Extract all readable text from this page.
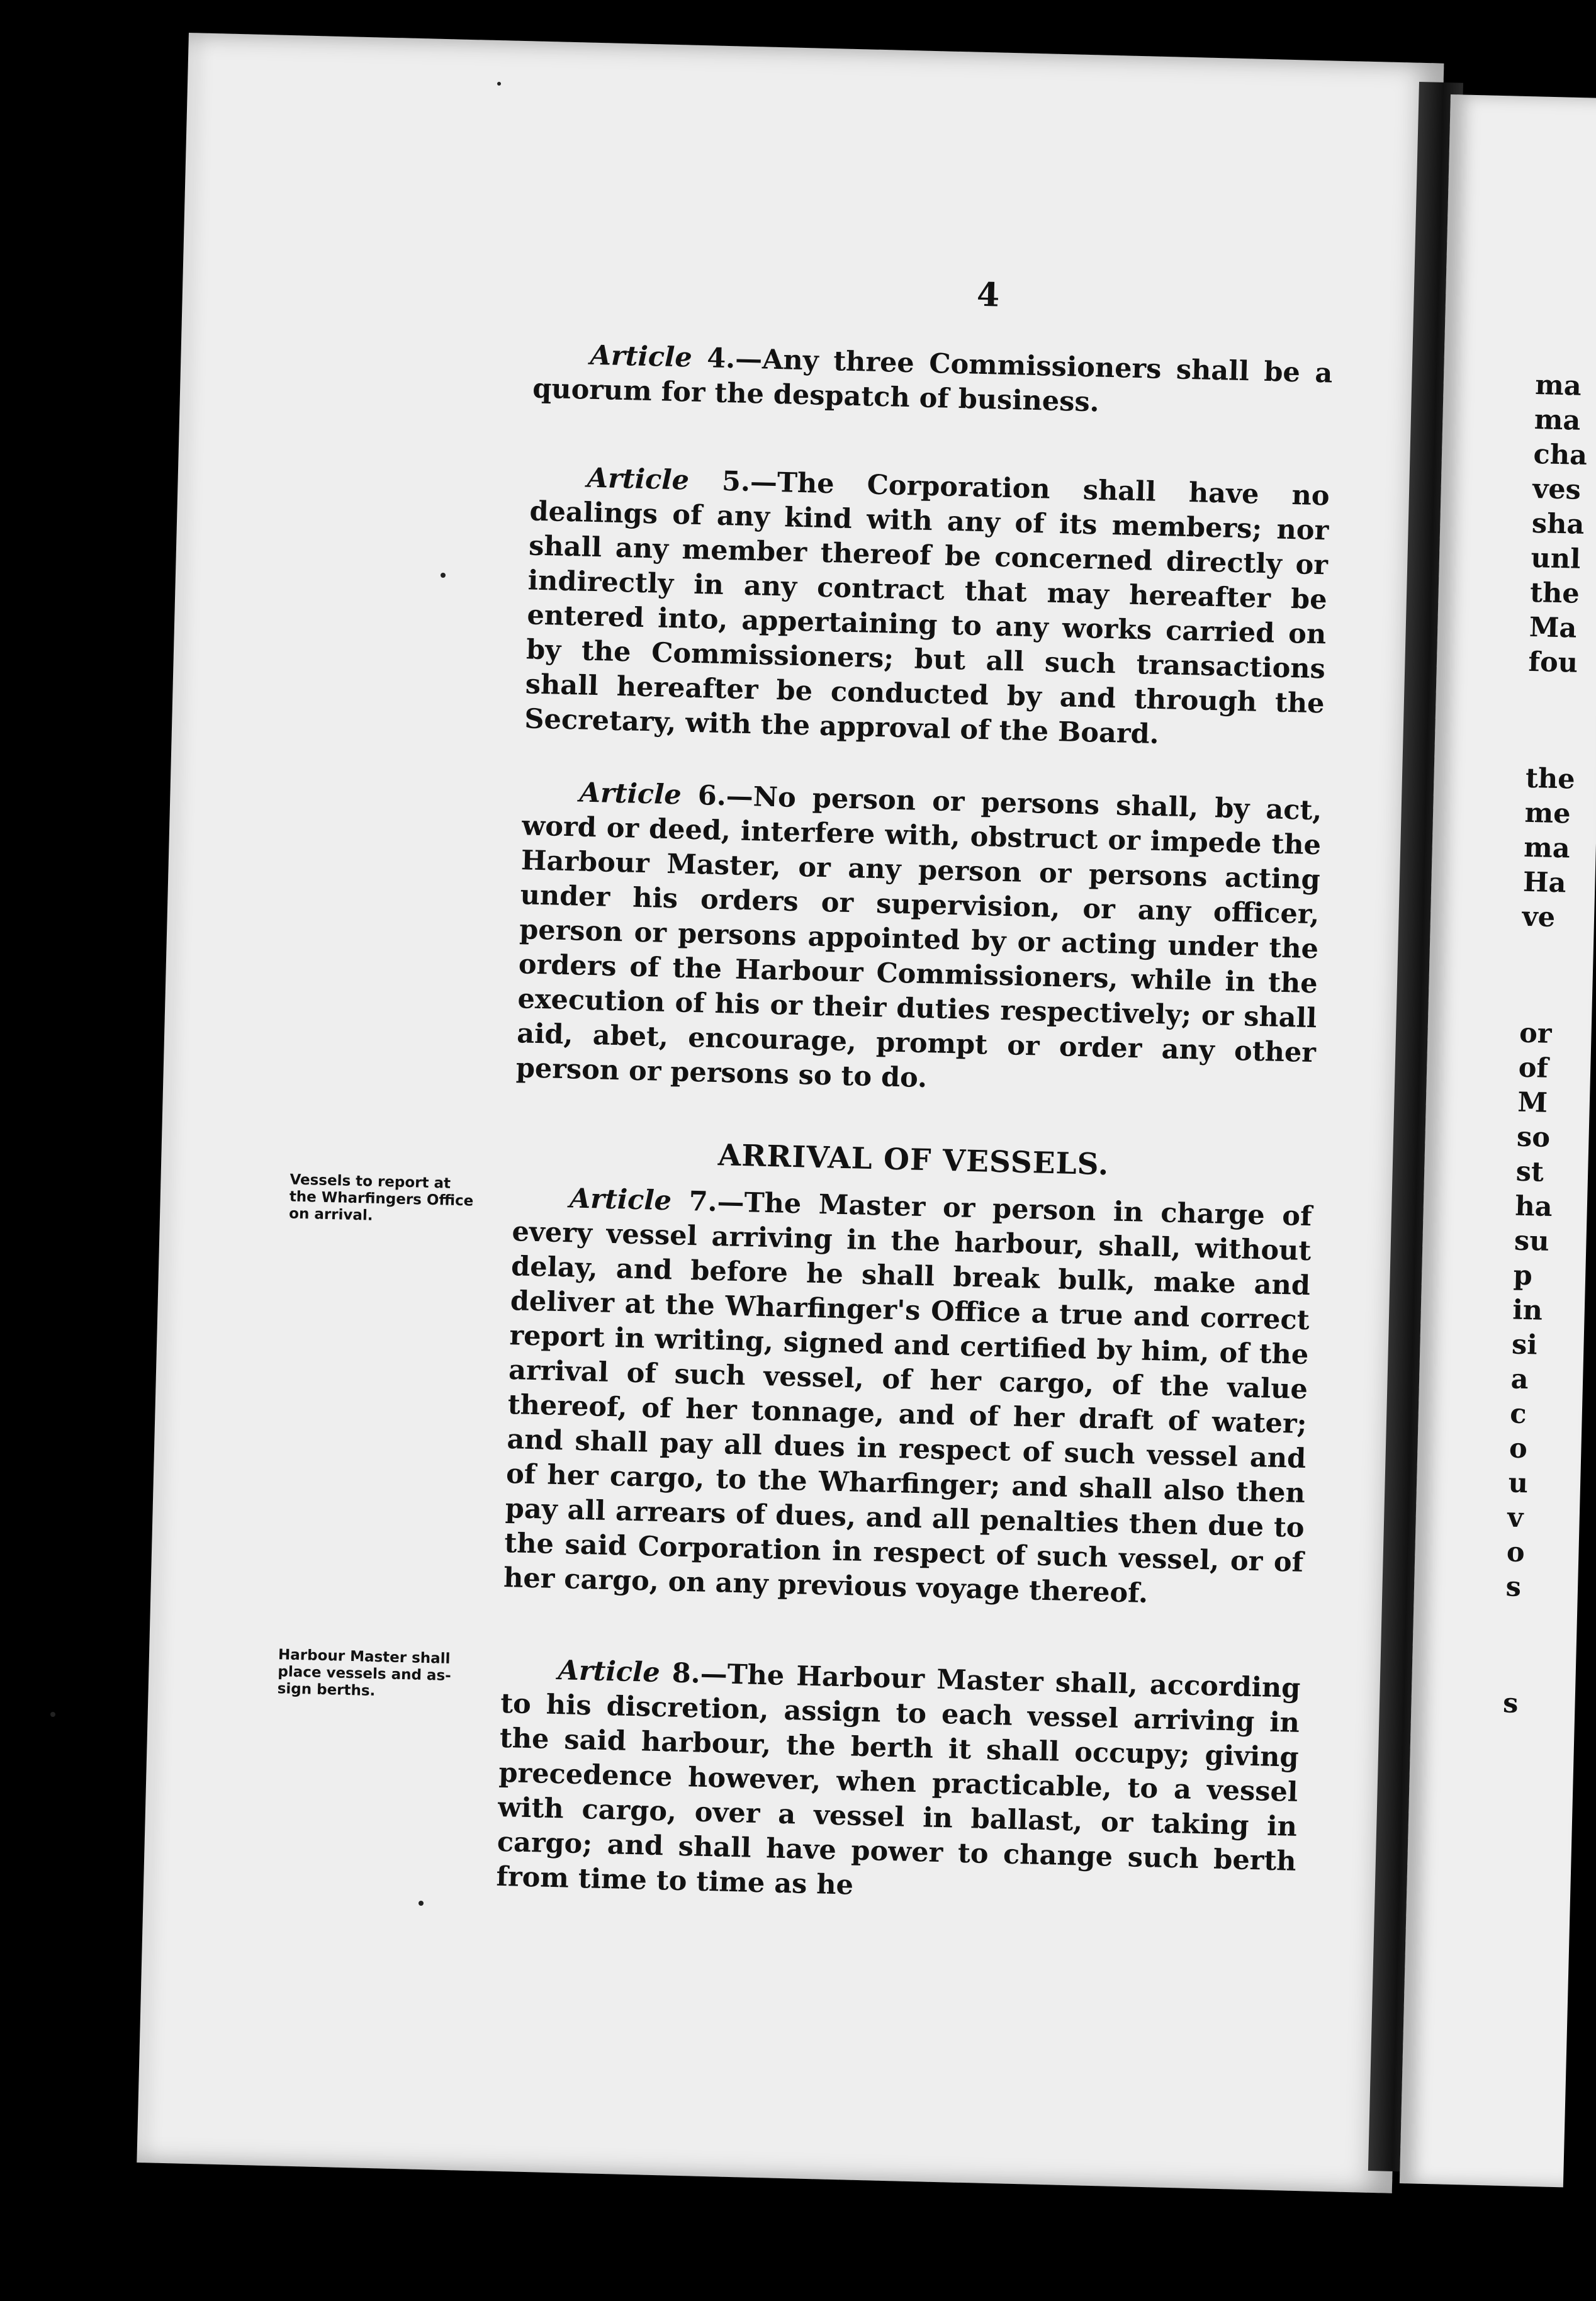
4

Article 4.—Any three Commissioners shall be a quorum for the despatch of business.

Article 5.—The Corporation shall have no dealings of any kind with any of its members; nor shall any member thereof be concerned directly or indirectly in any contract that may hereafter be entered into, appertaining to any works carried on by the Commissioners; but all such transactions shall hereafter be conducted by and through the Secretary, with the approval of the Board.

Article 6.—No person or persons shall, by act, word or deed, interfere with, obstruct or impede the Harbour Master, or any person or persons acting under his orders or supervision, or any officer, person or persons appointed by or acting under the orders of the Harbour Commissioners, while in the execution of his or their duties respectively; or shall aid, abet, encourage, prompt or order any other person or persons so to do.

ARRIVAL OF VESSELS.
Vessels to report at
the Wharfingers Office
on arrival.	Article 7.—The Master or person in charge of every vessel arriving in the harbour, shall, without delay, and before he shall break bulk, make and deliver at the Wharfinger's Office a true and correct report in writing, signed and certified by him, of the arrival of such vessel, of her cargo, of the value thereof, of her tonnage, and of her draft of water; and shall pay all dues in respect of such vessel and of her cargo, to the Wharfinger; and shall also then pay all arrears of dues, and all penalties then due to the said Corporation in respect of such vessel, or of her cargo, on any previous voyage thereof.

Harbour Master shall
place vessels and as-
sign berths.

Article 8.—The Harbour Master shall, according to his discretion, assign to each vessel arriving in the said harbour, the berth it shall occupy; giving precedence however, when practicable, to a vessel with cargo, over a vessel in ballast, or taking in cargo; and shall have power to change such berth from time to time as he

ma
ma
cha
ves
sha
unl
the
Ma
fou
the
me
ma
Ha
ve
or
of
M
so
st
ha
su
p
in
si
a
c
o
u
v
o
s
s
